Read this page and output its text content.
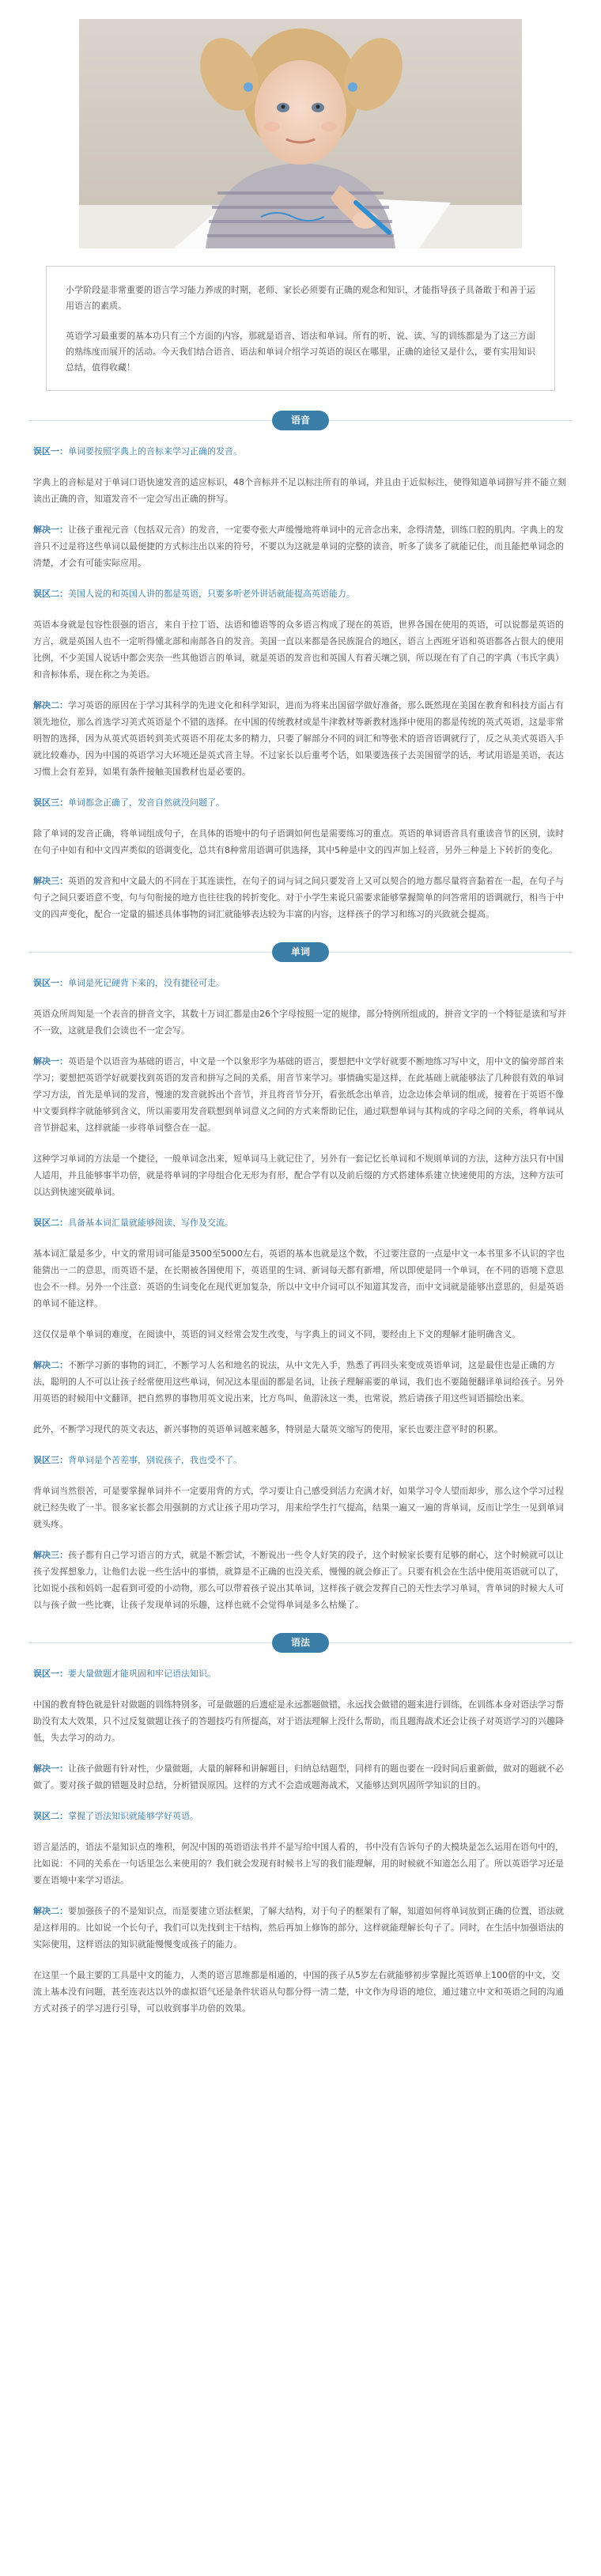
小学阶段是非常重要的语言学习能力养成的时期，老师、家长必须要有正确的观念和知识，才能指导孩子具备敢于和善于运用语言的素质。

英语学习最重要的基本功只有三个方面的内容，那就是语音、语法和单词。所有的听、说、读、写的训练都是为了这三方面的熟练度而展开的活动。今天我们结合语音、语法和单词介绍学习英语的误区在哪里，正确的途径又是什么，要有实用知识总结，值得收藏！

语音

误区一：单词要按照字典上的音标来学习正确的发音。

字典上的音标是对于单词口语快速发音的适应标识，48个音标并不足以标注所有的单词，并且由于近似标注，使得知道单词拼写并不能立刻读出正确的音，知道发音不一定会写出正确的拼写。

解决一：让孩子重视元音（包括双元音）的发音，一定要夸张大声缓慢地将单词中的元音念出来，念得清楚，训练口腔的肌肉。字典上的发音只不过是将这些单词以最便捷的方式标注出以来的符号，不要以为这就是单词的完整的读音，听多了读多了就能记住，而且能把单词念的清楚，才会有可能实际应用。

误区二：美国人说的和英国人讲的都是英语，只要多听老外讲话就能提高英语能力。

英语本身就是包容性很强的语言，来自于拉丁语、法语和德语等的众多语言构成了现在的英语，世界各国在使用的英语，可以说都是英语的方言，就是英国人也不一定听得懂北部和南部各自的发音。美国一直以来都是各民族混合的地区，语言上西班牙语和英语都各占很大的使用比例，不少美国人说话中都会夹杂一些其他语言的单词，就是英语的发音也和英国人有着天壤之别，所以现在有了自己的字典（韦氏字典）和音标体系，现在称之为美语。

解决二：学习英语的原因在于学习其科学的先进文化和科学知识，进而为将来出国留学做好准备，那么既然现在美国在教育和科技方面占有领先地位，那么首选学习美式英语是个不错的选择。在中国的传统教材或是牛津教材等新教材选择中使用的都是传统的英式英语，这是非常明智的选择，因为从英式英语转到美式英语不用花太多的精力，只要了解部分不同的词汇和等张术的语音语调就行了，反之从美式英语入手就比较难办，因为中国的英语学习大环境还是英式音主导。不过家长以后重考个话，如果要选孩子去美国留学的话，考试用语是美语，表达习惯上会有差异，如果有条件接触美国教材也是必要的。

误区三：单词都念正确了，发音自然就没问题了。

除了单词的发音正确，将单词组成句子，在具体的语境中的句子语调如何也是需要练习的重点。英语的单词语音具有重读音节的区别，读时在句子中如有和中文四声类似的语调变化，总共有8种常用语调可供选择，其中5种是中文的四声加上轻音，另外三种是上下转折的变化。

解决三：英语的发音和中文最大的不同在于其连读性，在句子的词与词之间只要发音上又可以契合的地方都尽量将音黏着在一起，在句子与句子之间只要语意不变，句与句衔接的地方也往往我的转折变化。对于小学生来说只需要求能够掌握简单的问答常用的语调就行，相当于中文的四声变化，配合一定量的描述具体事物的词汇就能够表达较为丰富的内容，这样孩子的学习和练习的兴致就会提高。

单词

误区一：单词是死记硬背下来的，没有捷径可走。

英语众所周知是一个表音的拼音文字，其数十万词汇都是由26个字母按照一定的规律，部分特例所组成的，拼音文字的一个特征是读和写并不一致，这就是我们会读也不一定会写。

解决一：英语是个以语音为基础的语言，中文是一个以象形字为基础的语言，要想把中文学好就要不断地练习写中文，用中文的偏旁部首来学习；要想把英语学好就要找到英语的发音和拼写之间的关系，用音节来学习。事情确实是这样，在此基础上就能够法了几种很有效的单词学习方法，首先是单词的发音，慢速的发音就拆出个音节，并且将音节分开，看张纸念出单音，边念边体会单词的组成，接着在于英语不像中文要到样字就能够到含义，所以需要用发音联想到单词意义之间的方式来帮助记住，通过联想单词与其构成的字母之间的关系，将单词从音节拼起来，这样就能一步将单词整合在一起。

这种学习单词的方法是一个捷径，一般单词念出来，短单词马上就记住了，另外有一套记忆长单词和不规则单词的方法，这种方法只有中国人适用，并且能够事半功倍，就是将单词的字母组合化无形为有形，配合学有以及前后缀的方式搭建体系建立快速使用的方法，这种方法可以达到快速突破单词。

误区二：具备基本词汇量就能够阅读、写作及交流。

基本词汇量是多少，中文的常用词可能是3500至5000左右，英语的基本也就是这个数，不过要注意的一点是中文一本书里多不认识的字也能猜出一二的意思，而英语不是，在长期被各国使用下，英语里的生词、新词每天都有新增，所以即使是同一个单词，在不同的语境下意思也会不一样。另外一个注意：英语的生词变化在现代更加复杂，所以中文中介词可以不知道其发音，而中文词就是能够出意思的，但是英语的单词不能这样。

这仅仅是单个单词的难度，在阅读中，英语的词义经常会发生改变，与字典上的词义不同，要经由上下文的理解才能明确含义。

解决二：不断学习新的事物的词汇，不断学习人名和地名的说法，从中文先入手，熟悉了再回头来变成英语单词，这是最佳也是正确的方法，聪明的人不可以让孩子经常使用这些单词，何况这本里面的都是名词，让孩子理解需要的单词，我们也不要随便翻译单词给孩子。另外用英语的时候用中文翻译，把自然界的事物用英文说出来，比方鸟叫、鱼游泳这一类，也常说，然后请孩子用这些词语描绘出来。

此外，不断学习现代的英文表达，新兴事物的英语单词越来越多，特别是大量英文缩写的使用，家长也要注意平时的积累。

误区三：背单词是个苦差事，别说孩子，我也受不了。

背单词当然很苦，可是要掌握单词并不一定要用背的方式，学习要让自己感受到活力充满才好，如果学习令人望而却步，那么这个学习过程就已经失败了一半。很多家长都会用强制的方式让孩子用功学习，用来给学生打气提高，结果一遍又一遍的背单词，反而让学生一见到单词就头疼。

解决三：孩子都有自己学习语言的方式，就是不断尝试，不断说出一些令人好笑的段子，这个时候家长要有足够的耐心，这个时候就可以让孩子发挥想象力，让他们去说一些生活中的事情，就算是不正确的也没关系，慢慢的就会修正了。只要有机会在生活中使用英语就可以了，比如说小孩和妈妈一起看到可爱的小动物，那么可以带着孩子说出其单词，这样孩子就会发挥自己的天性去学习单词，背单词的时候大人可以与孩子做一些比赛，让孩子发现单词的乐趣，这样也就不会觉得单词是多么枯燥了。

语法

误区一：要大量做题才能巩固和牢记语法知识。

中国的教育特色就是针对做题的训练特别多，可是做题的后遗症是永远都题做错，永远找会做错的题来进行训练，在训练本身对语法学习帮助没有太大效果，只不过反复做题让孩子的答题技巧有所提高，对于语法理解上没什么帮助，而且题海战术还会让孩子对英语学习的兴趣降低，失去学习的动力。

解决一：让孩子做题有针对性，少量做题，大量的解释和讲解题目，归纳总结题型，同样有的题也要在一段时间后重新做，做对的题就不必做了。要对孩子做的错题及时总结，分析错误原因。这样的方式不会造成题海战术，又能够达到巩固所学知识的目的。

误区二：掌握了语法知识就能够学好英语。

语言是活的，语法不是知识点的堆积，何况中国的英语语法书并不是写给中国人看的，书中没有告诉句子的大模块是怎么运用在语句中的，比如说：不同的关系在一句话里怎么来使用的？我们就会发现有时候书上写的我们能理解，用的时候就不知道怎么用了。所以英语学习还是要在语境中来学习语法。

解决二：要加强孩子的不是知识点，而是要建立语法框架，了解大结构，对于句子的框架有了解，知道如何将单词放到正确的位置，语法就是这样用的。比如说一个长句子，我们可以先找到主干结构，然后再加上修饰的部分，这样就能理解长句子了。同时，在生活中加强语法的实际使用，这样语法的知识就能慢慢变成孩子的能力。

在这里一个最主要的工具是中文的能力，人类的语言思维都是相通的，中国的孩子从5岁左右就能够初步掌握比英语单上100倍的中文，交流上基本没有问题，甚至连表达以外的虚拟语气还是条件状语从句都分得一清二楚，中文作为母语的地位，通过建立中文和英语之间的沟通方式对孩子的学习进行引导，可以收到事半功倍的效果。
